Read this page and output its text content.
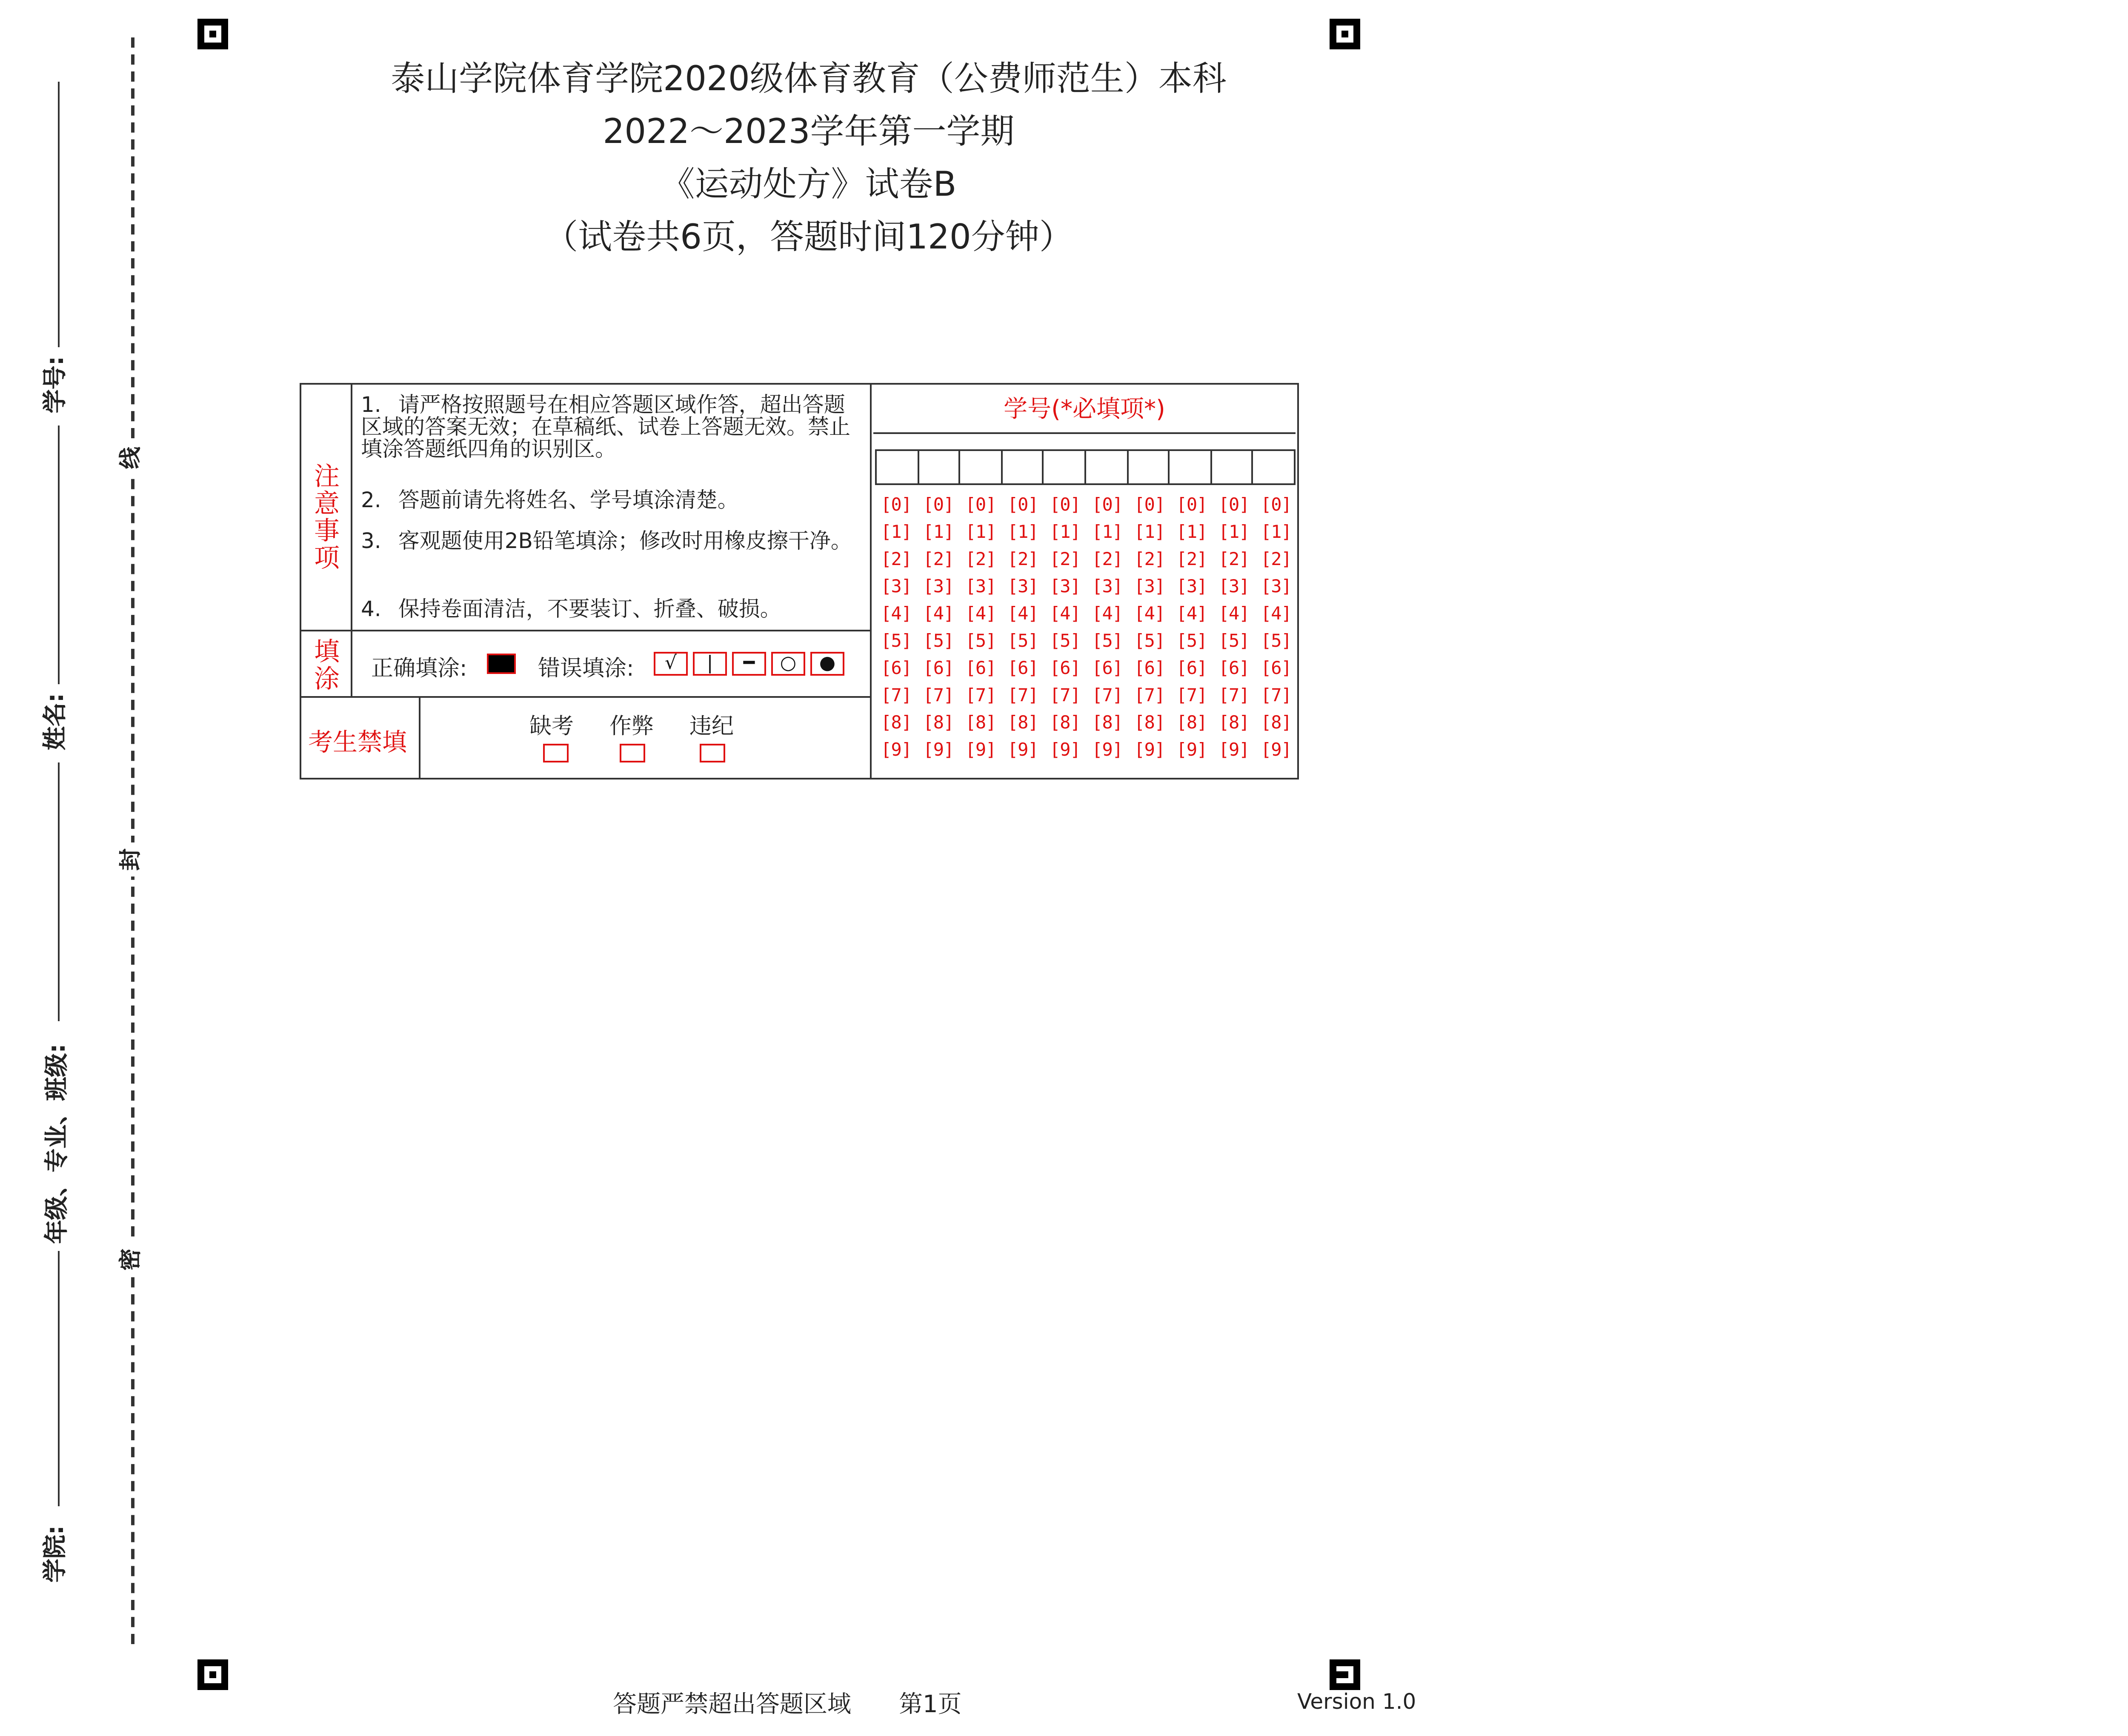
线
封
密
学号:
姓名:
年级、专业、班级:
学院:
泰山学院体育学院2020级体育教育（公费师范生）本科
2022～2023学年第一学期
《运动处方》试卷B
（试卷共6页，答题时间120分钟）
注意事项
1.	请严格按照题号在相应答题区域作答，超出答题区域的答案无效；在草稿纸、试卷上答题无效。禁止填涂答题纸四角的识别区。
2.	答题前请先将姓名、学号填涂清楚。
3.	客观题使用2B铅笔填涂；修改时用橡皮擦干净。
4.	保持卷面清洁，不要装订、折叠、破损。
填涂	正确填涂:	错误填涂:	√	|	━	○	●
考生禁填
缺考	作弊	违纪
学号(*必填项*)
[0]	[0]	[0]	[0]	[0]	[0]	[0]	[0]	[0]	[0]
[1]	[1]	[1]	[1]	[1]	[1]	[1]	[1]	[1]	[1]
[2]	[2]	[2]	[2]	[2]	[2]	[2]	[2]	[2]	[2]
[3]	[3]	[3]	[3]	[3]	[3]	[3]	[3]	[3]	[3]
[4]	[4]	[4]	[4]	[4]	[4]	[4]	[4]	[4]	[4]
[5]	[5]	[5]	[5]	[5]	[5]	[5]	[5]	[5]	[5]
[6]	[6]	[6]	[6]	[6]	[6]	[6]	[6]	[6]	[6]
[7]	[7]	[7]	[7]	[7]	[7]	[7]	[7]	[7]	[7]
[8]	[8]	[8]	[8]	[8]	[8]	[8]	[8]	[8]	[8]
[9]	[9]	[9]	[9]	[9]	[9]	[9]	[9]	[9]	[9]
答题严禁超出答题区域	第1页	Version 1.0
